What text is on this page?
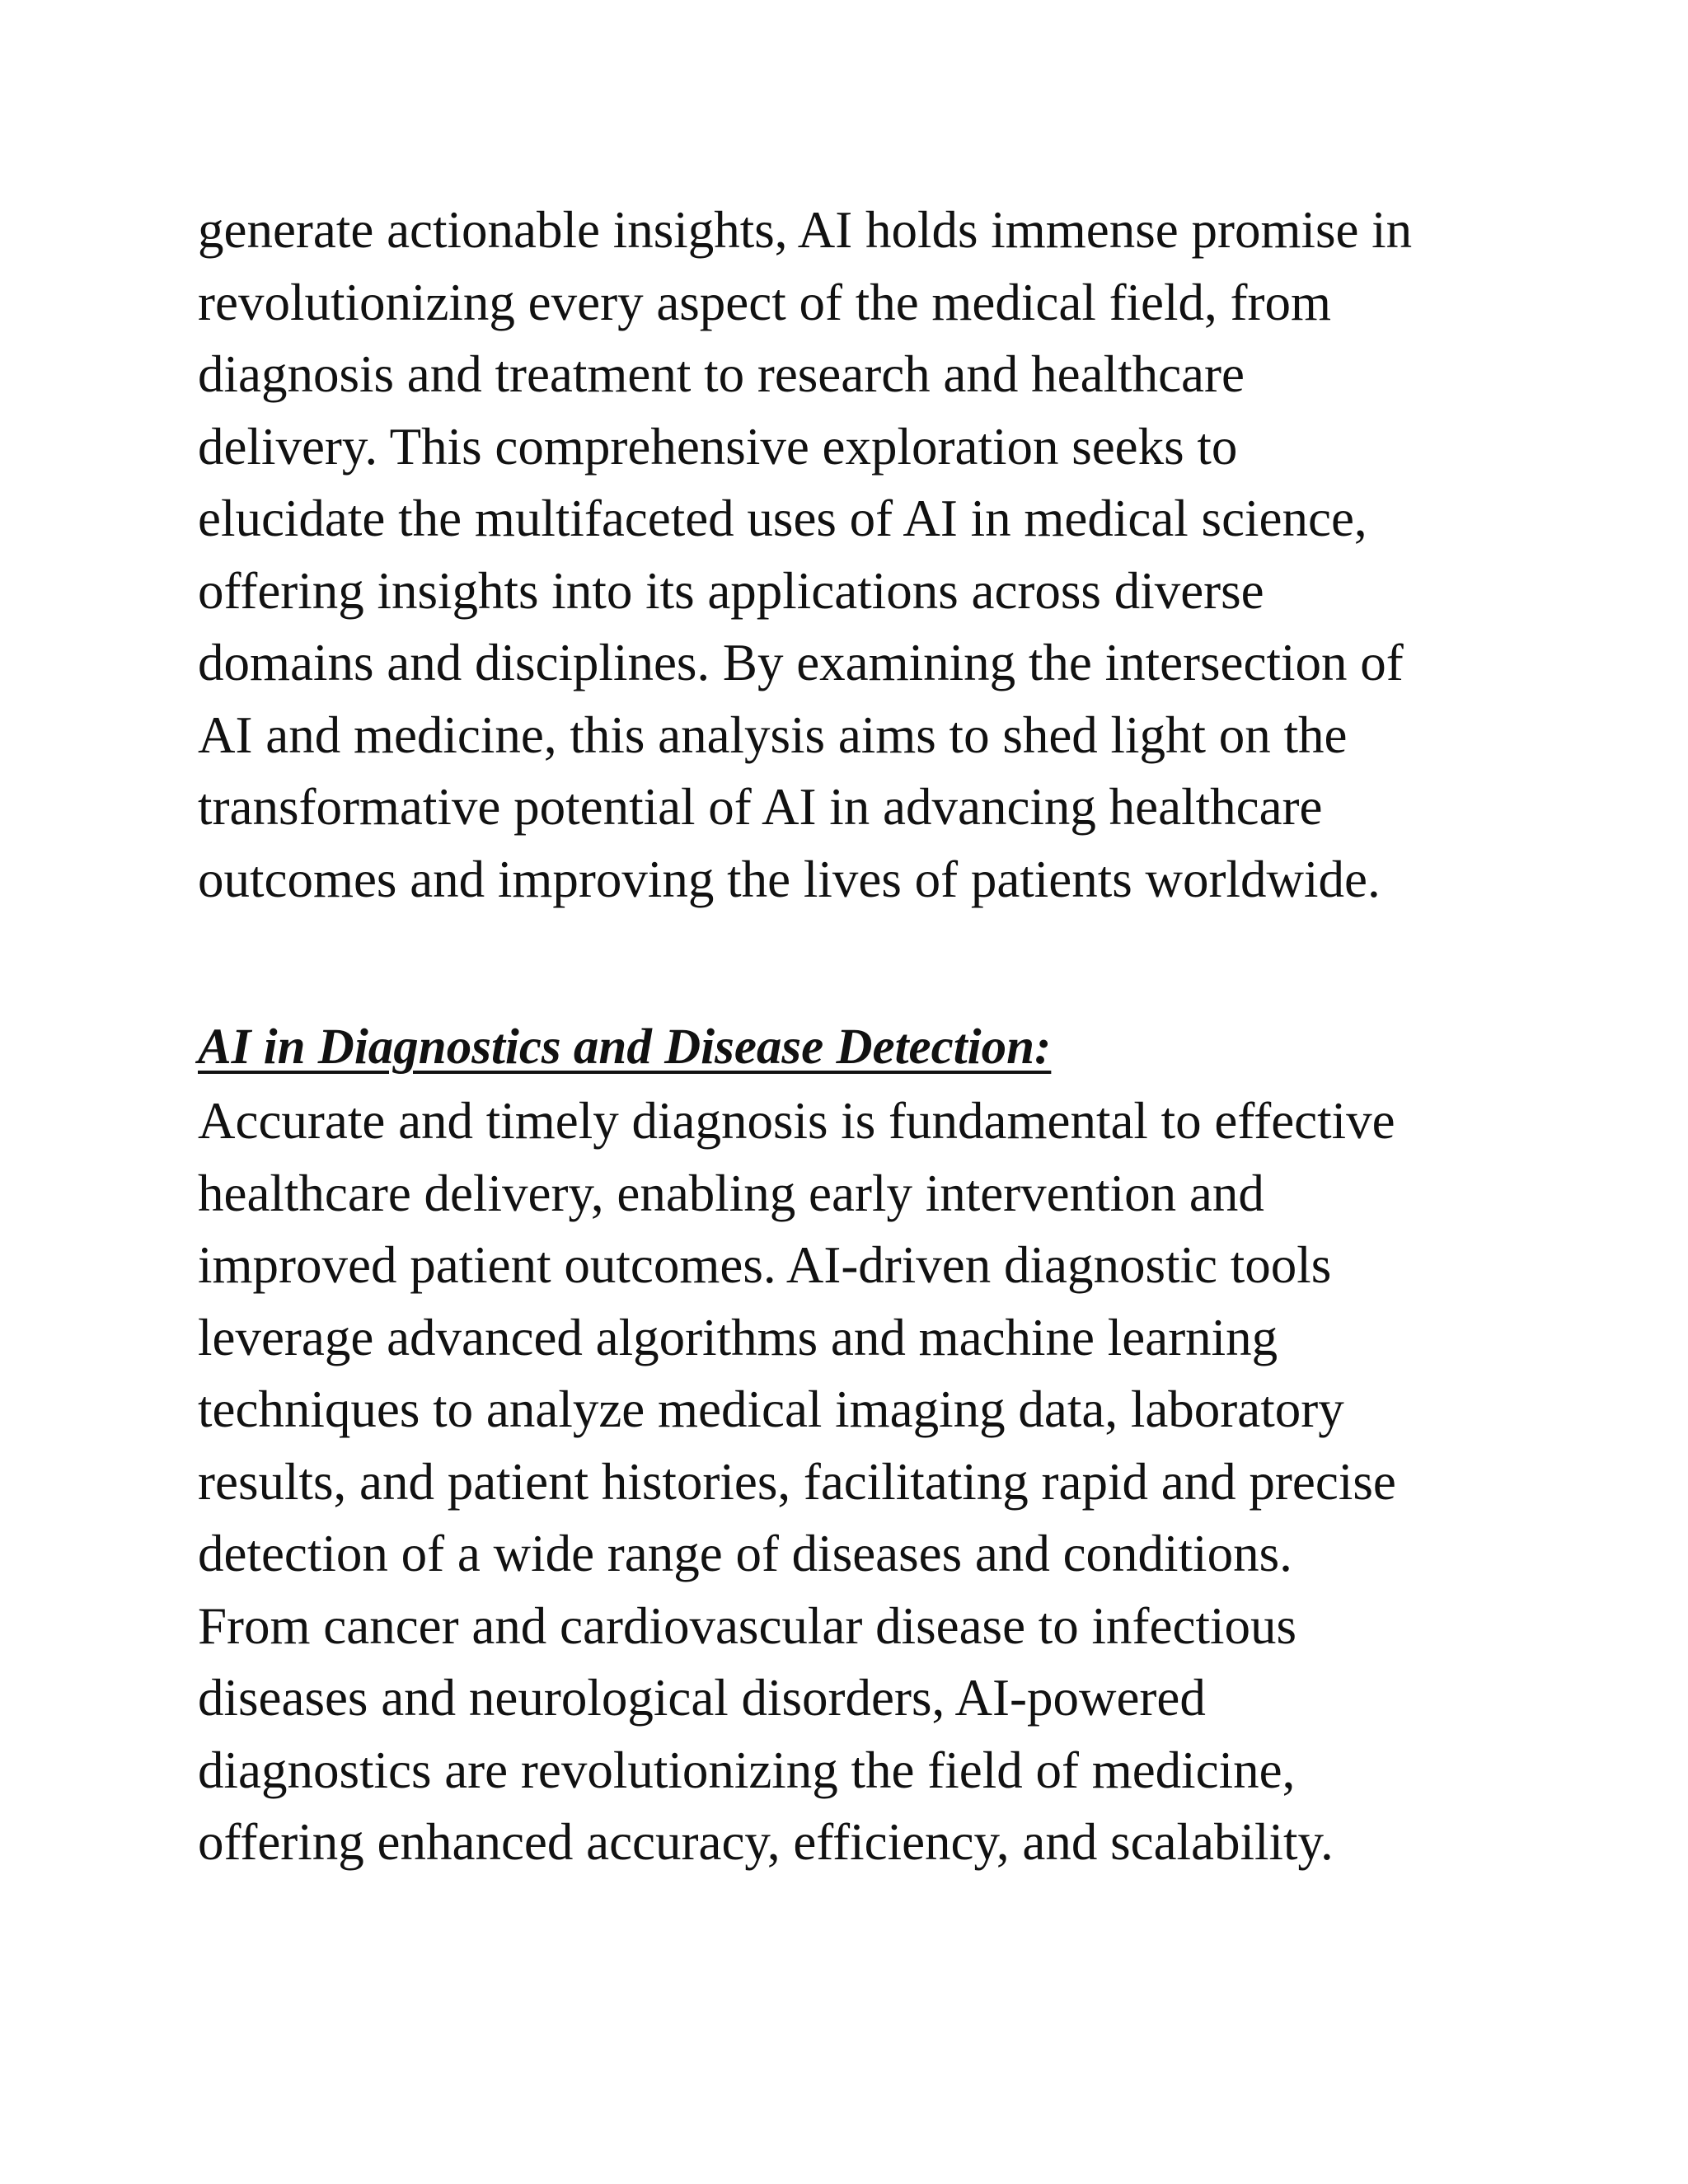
generate actionable insights, AI holds immense promise in
revolutionizing every aspect of the medical field, from
diagnosis and treatment to research and healthcare
delivery. This comprehensive exploration seeks to
elucidate the multifaceted uses of AI in medical science,
offering insights into its applications across diverse
domains and disciplines. By examining the intersection of
AI and medicine, this analysis aims to shed light on the
transformative potential of AI in advancing healthcare
outcomes and improving the lives of patients worldwide.
AI in Diagnostics and Disease Detection:
Accurate and timely diagnosis is fundamental to effective
healthcare delivery, enabling early intervention and
improved patient outcomes. AI-driven diagnostic tools
leverage advanced algorithms and machine learning
techniques to analyze medical imaging data, laboratory
results, and patient histories, facilitating rapid and precise
detection of a wide range of diseases and conditions.
From cancer and cardiovascular disease to infectious
diseases and neurological disorders, AI-powered
diagnostics are revolutionizing the field of medicine,
offering enhanced accuracy, efficiency, and scalability.
